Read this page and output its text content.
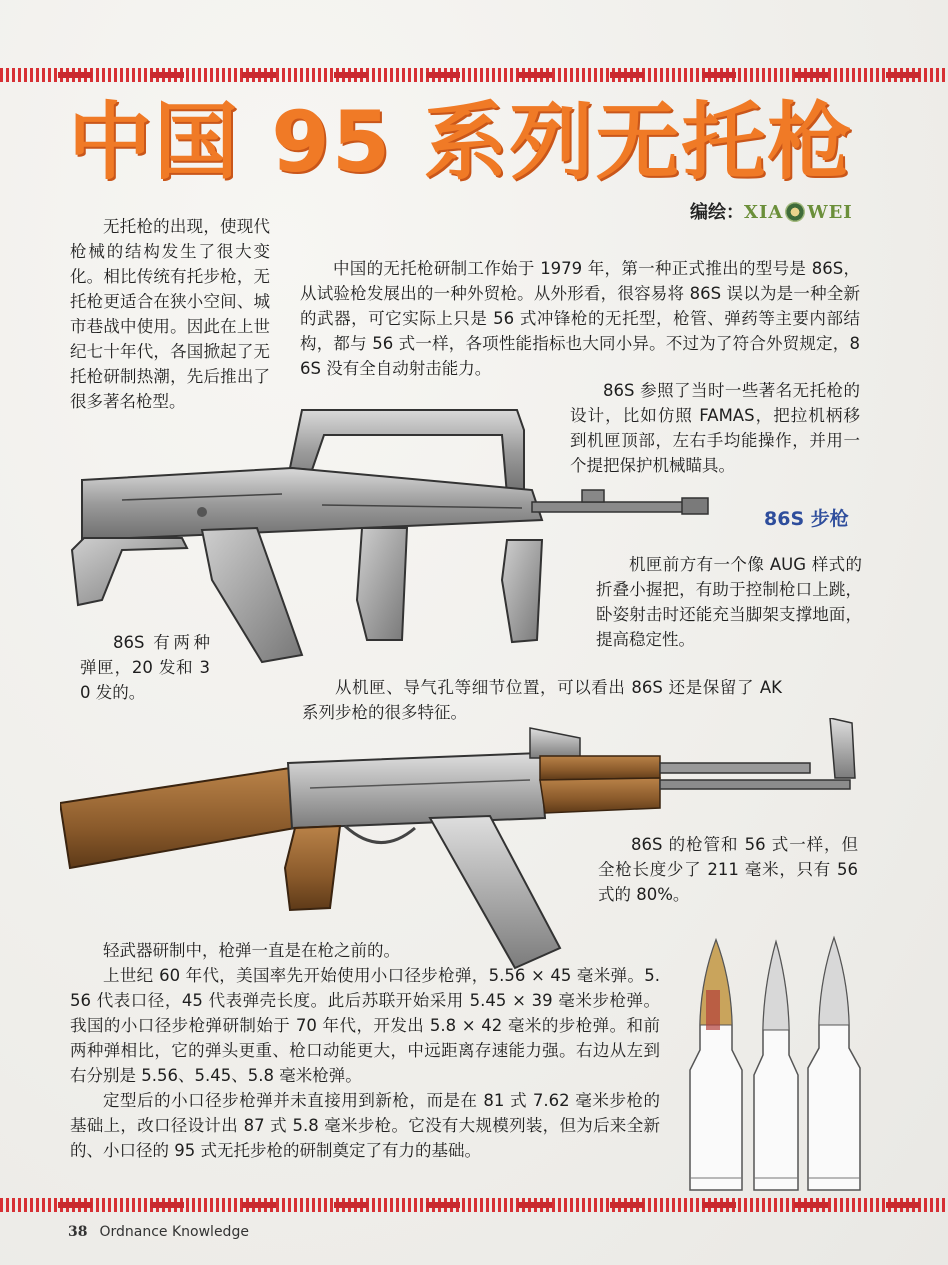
中国 95 系列无托枪
编绘：XIA WEI
无托枪的出现，使现代枪械的结构发生了很大变化。相比传统有托步枪，无托枪更适合在狭小空间、城市巷战中使用。因此在上世纪七十年代，各国掀起了无托枪研制热潮，先后推出了很多著名枪型。
中国的无托枪研制工作始于 1979 年，第一种正式推出的型号是 86S，从试验枪发展出的一种外贸枪。从外形看，很容易将 86S 误以为是一种全新的武器，可它实际上只是 56 式冲锋枪的无托型，枪管、弹药等主要内部结构，都与 56 式一样，各项性能指标也大同小异。不过为了符合外贸规定，86S 没有全自动射击能力。
86S 参照了当时一些著名无托枪的设计，比如仿照 FAMAS，把拉机柄移到机匣顶部，左右手均能操作，并用一个提把保护机械瞄具。
86S 步枪
机匣前方有一个像 AUG 样式的折叠小握把，有助于控制枪口上跳，卧姿射击时还能充当脚架支撑地面，提高稳定性。
86S 有两种弹匣，20 发和 30 发的。	从机匣、导气孔等细节位置，可以看出 86S 还是保留了 AK 系列步枪的很多特征。
86S 的枪管和 56 式一样，但全枪长度少了 211 毫米，只有 56 式的 80%。

轻武器研制中，枪弹一直是在枪之前的。

上世纪 60 年代，美国率先开始使用小口径步枪弹，5.56 × 45 毫米弹。5.56 代表口径，45 代表弹壳长度。此后苏联开始采用 5.45 × 39 毫米步枪弹。我国的小口径步枪弹研制始于 70 年代，开发出 5.8 × 42 毫米的步枪弹。和前两种弹相比，它的弹头更重、枪口动能更大，中远距离存速能力强。右边从左到右分别是 5.56、5.45、5.8 毫米枪弹。

定型后的小口径步枪弹并未直接用到新枪，而是在 81 式 7.62 毫米步枪的基础上，改口径设计出 87 式 5.8 毫米步枪。它没有大规模列装，但为后来全新的、小口径的 95 式无托步枪的研制奠定了有力的基础。

38 Ordnance Knowledge
